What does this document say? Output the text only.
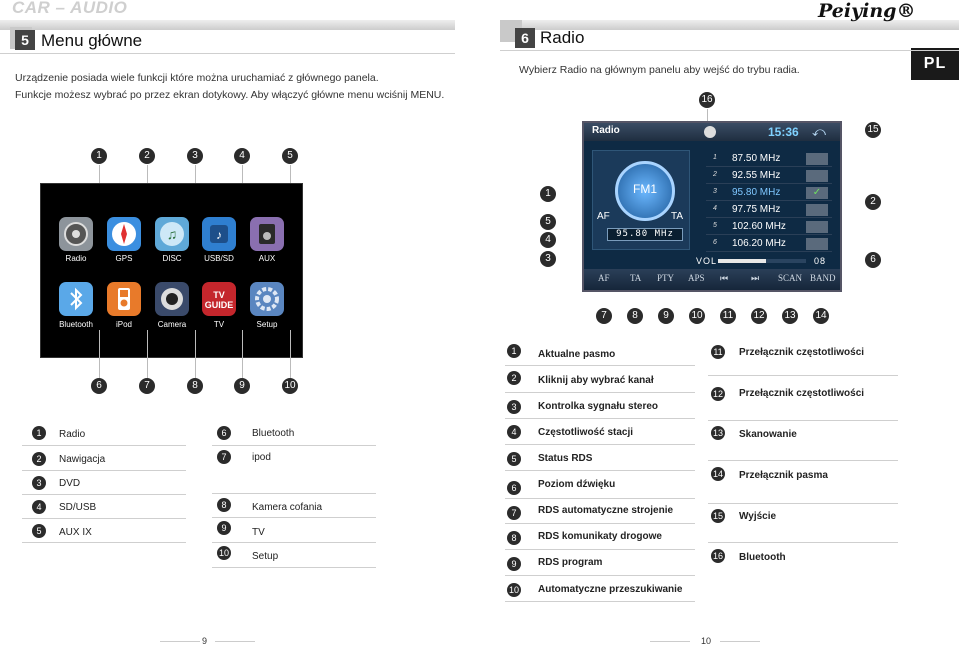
CAR – AUDIO	Peiying®
PL
5 Menu główne
Urządzenie posiada wiele funkcji które można uruchamiać z głównego panela.
Funkcje możesz wybrać po przez ekran dotykowy. Aby włączyć główne menu wciśnij MENU.
1	2	3	4	5
♫	♪
Radio	GPS	DISC	USB/SD	AUX
TV
GUIDE
Bluetooth	iPod	Camera	TV	Setup
6	7	8	9	10
1	Radio
2	Nawigacja
3	DVD
4	SD/USB
5	AUX IX
6	Bluetooth
7	ipod
8	Kamera cofania
9	TV
10 Setup
9
6 Radio
Wybierz Radio na głównym panelu aby wejść do trybu radia.
16
15
1
2
5
4
3	6
Radio	15:36 ⤺
FM1
AF	TA
95.80 MHz
1	87.50 MHz
2	92.55 MHz
3	95.80 MHz	✓
4	97.75 MHz
5	102.60 MHz
6	106.20 MHz
VOL	08
AF TA PTY APS ⏮	⏭ SCAN BAND
7	8	9	10 11 12 13 14
1	Aktualne pasmo
2	Kliknij aby wybrać kanał
3	Kontrolka sygnału stereo
4	Częstotliwość stacji
5	Status RDS
6	Poziom dźwięku
7	RDS automatyczne strojenie
8	RDS komunikaty drogowe
9	RDS program
10 Automatyczne przeszukiwanie
11 Przełącznik częstotliwości
12 Przełącznik częstotliwości
13 Skanowanie
14 Przełącznik pasma
15 Wyjście
16 Bluetooth
10
